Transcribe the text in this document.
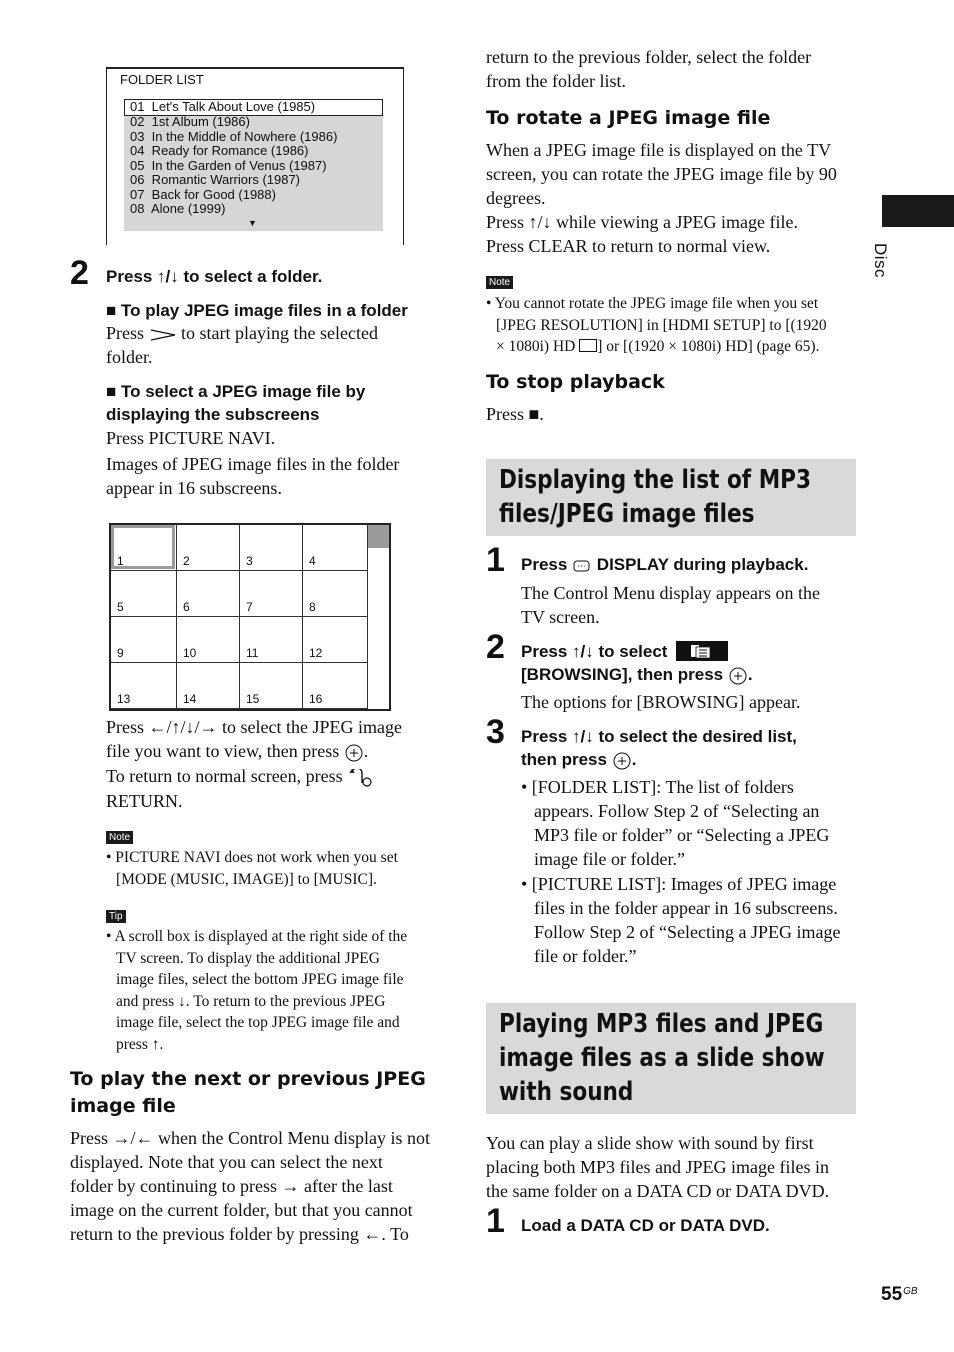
Disc
FOLDER LIST
01  Let's Talk About Love (1985)
02  1st Album (1986)
03  In the Middle of Nowhere (1986)
04  Ready for Romance (1986)
05  In the Garden of Venus (1987)
06  Romantic Warriors (1987)
07  Back for Good (1988)
08  Alone (1999)
▼
2 Press ↑/↓ to select a folder.
■ To play JPEG image files in a folder
Press to start playing the selected
folder.
■ To select a JPEG image file by
displaying the subscreens
Press PICTURE NAVI.
Images of JPEG image files in the folder
appear in 16 subscreens.
1	2	3	4
5	6	7	8
9	10	11	12
13	14	15	16
Press ←/↑/↓/→ to select the JPEG image
file you want to view, then press .
To return to normal screen, press
RETURN.
Note
• PICTURE NAVI does not work when you set
[MODE (MUSIC, IMAGE)] to [MUSIC].
Tip
• A scroll box is displayed at the right side of the
TV screen. To display the additional JPEG
image files, select the bottom JPEG image file
and press ↓. To return to the previous JPEG
image file, select the top JPEG image file and
press ↑.
To play the next or previous JPEG
image file
Press →/← when the Control Menu display is not
displayed. Note that you can select the next
folder by continuing to press → after the last
image on the current folder, but that you cannot
return to the previous folder by pressing ←. To
return to the previous folder, select the folder
from the folder list.
To rotate a JPEG image file
When a JPEG image file is displayed on the TV
screen, you can rotate the JPEG image file by 90
degrees.
Press ↑/↓ while viewing a JPEG image file.
Press CLEAR to return to normal view.
Note
• You cannot rotate the JPEG image file when you set
[JPEG RESOLUTION] in [HDMI SETUP] to [(1920
× 1080i) HD ] or [(1920 × 1080i) HD] (page 65).
To stop playback
Press ■.
Displaying the list of MP3
files/JPEG image files
1 Press DISPLAY during playback.
The Control Menu display appears on the
TV screen.
2 Press ↑/↓ to select
[BROWSING], then press .
The options for [BROWSING] appear.
3 Press ↑/↓ to select the desired list,
then press .
• [FOLDER LIST]: The list of folders
appears. Follow Step 2 of “Selecting an
MP3 file or folder” or “Selecting a JPEG
image file or folder.”
• [PICTURE LIST]: Images of JPEG image
files in the folder appear in 16 subscreens.
Follow Step 2 of “Selecting a JPEG image
file or folder.”
Playing MP3 files and JPEG
image files as a slide show
with sound
You can play a slide show with sound by first
placing both MP3 files and JPEG image files in
the same folder on a DATA CD or DATA DVD.
1 Load a DATA CD or DATA DVD.
$55^{GB}$
